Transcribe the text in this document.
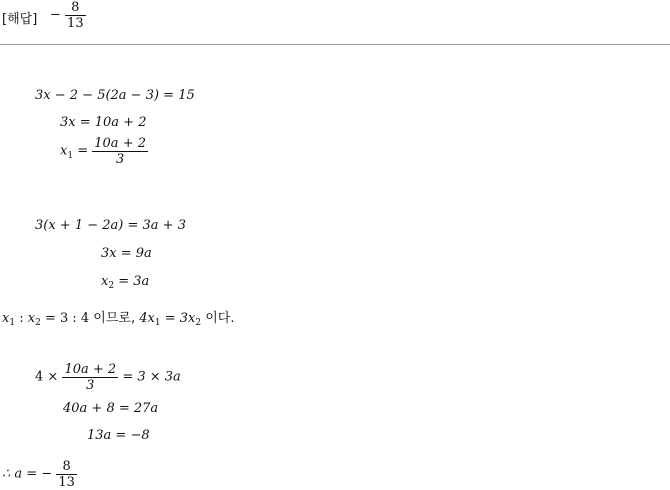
[해답] − $\frac{8}{13}$
3x − 2 − 5(2a − 3) = 15
3x = 10a + 2
$x_1 = \frac{10a + 2}{3}$
3(x + 1 − 2a) = 3a + 3
3x = 9a
$x_2 = 3a$
$x_1$ : $x_2 = 3$ : 4 이므로, $4x_1 = 3x_2$ 이다.
$4 \times \frac{10a + 2}{3} = 3 \times 3a$
40a + 8 = 27a
13a = −8
∴ a = − $\frac{8}{13}$
